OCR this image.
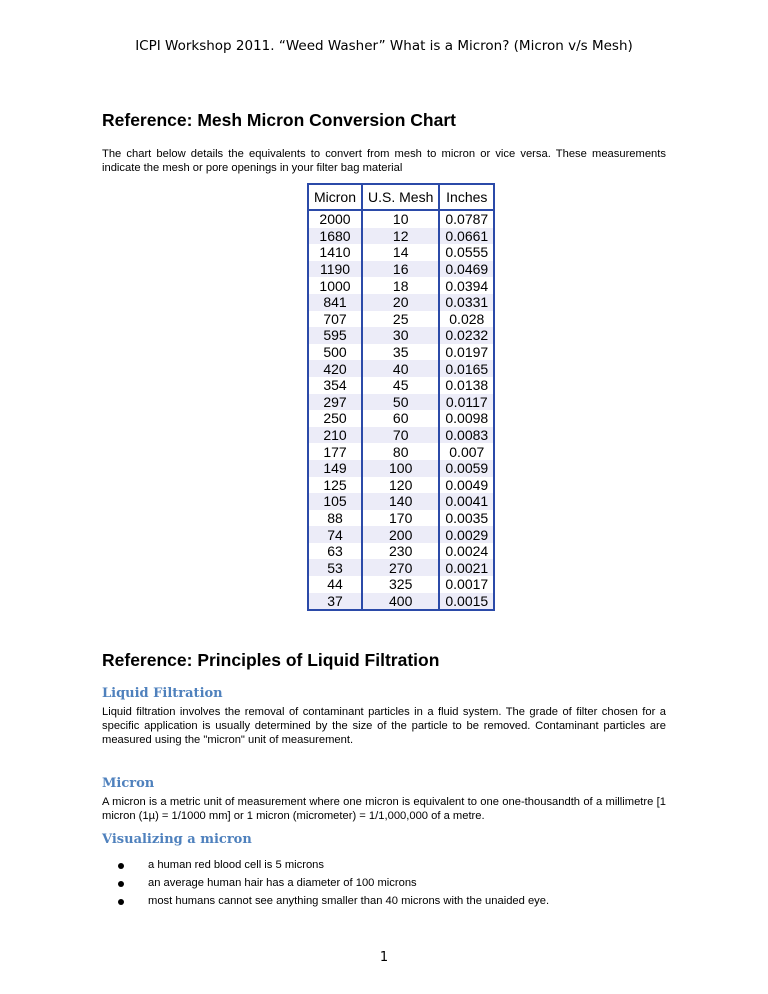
ICPI Workshop 2011. “Weed Washer” What is a Micron? (Micron v/s Mesh)
Reference: Mesh Micron Conversion Chart
The chart below details the equivalents to convert from mesh to micron or vice versa. These measurements indicate the mesh or pore openings in your filter bag material
Micron	U.S. Mesh	Inches
2000	10	0.0787
1680	12	0.0661
1410	14	0.0555
1190	16	0.0469
1000	18	0.0394
841	20	0.0331
707	25	0.028
595	30	0.0232
500	35	0.0197
420	40	0.0165
354	45	0.0138
297	50	0.0117
250	60	0.0098
210	70	0.0083
177	80	0.007
149	100	0.0059
125	120	0.0049
105	140	0.0041
88	170	0.0035
74	200	0.0029
63	230	0.0024
53	270	0.0021
44	325	0.0017
37	400	0.0015
Reference: Principles of Liquid Filtration
Liquid Filtration
Liquid filtration involves the removal of contaminant particles in a fluid system. The grade of filter chosen for a specific application is usually determined by the size of the particle to be removed. Contaminant particles are measured using the "micron" unit of measurement.
Micron
A micron is a metric unit of measurement where one micron is equivalent to one one-thousandth of a millimetre [1 micron (1µ) = 1/1000 mm] or 1 micron (micrometer) = 1/1,000,000 of a metre.
Visualizing a micron
a human red blood cell is 5 microns
an average human hair has a diameter of 100 microns
most humans cannot see anything smaller than 40 microns with the unaided eye.
1
